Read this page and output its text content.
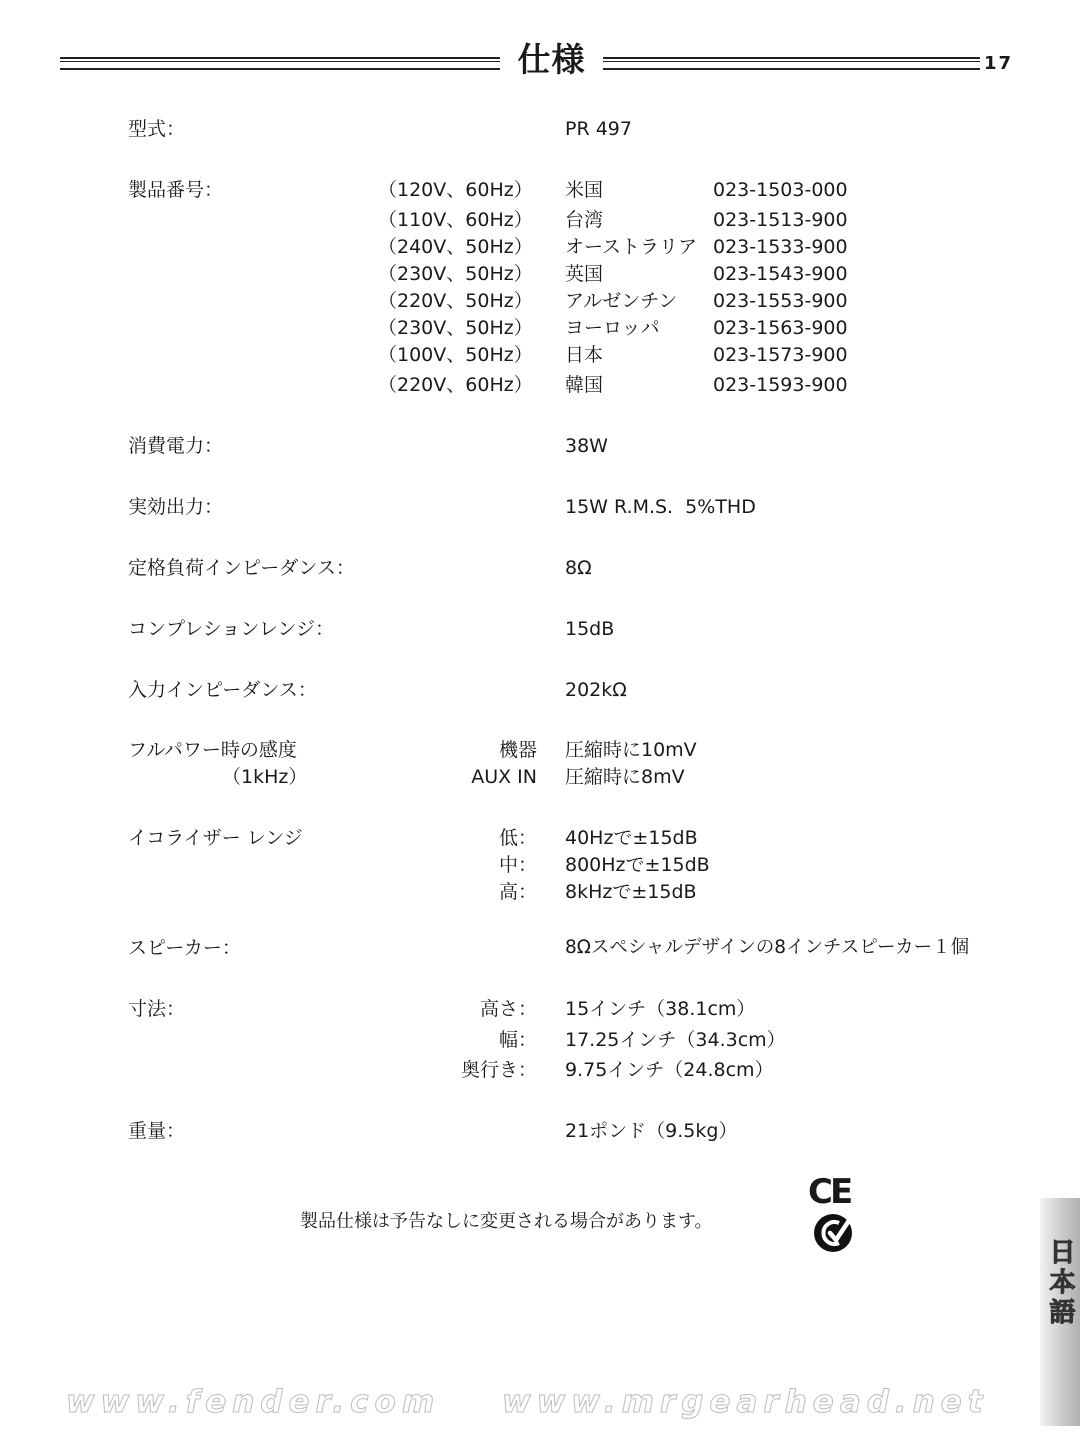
仕様	17
型式：	PR 497
製品番号：	（120V、60Hz） 米国	023-1503-000
（110V、60Hz） 台湾	023-1513-900
（240V、50Hz） オーストラリア 023-1533-900
（230V、50Hz） 英国	023-1543-900
（220V、50Hz） アルゼンチン 023-1553-900
（230V、50Hz） ヨーロッパ	023-1563-900
（100V、50Hz） 日本	023-1573-900
（220V、60Hz） 韓国	023-1593-900
消費電力：	38W
実効出力：	15W R.M.S.  5%THD
定格負荷インピーダンス：	8Ω
コンプレションレンジ：	15dB
入力インピーダンス：	202kΩ
フルパワー時の感度
（1kHz）
機器 圧縮時に10mV
AUX IN 圧縮時に8mV
イコライザー レンジ	低： 40Hzで±15dB
中： 800Hzで±15dB
高： 8kHzで±15dB
スピーカー：	8Ωスペシャルデザインの8インチスピーカー１個
寸法：	高さ： 15インチ（38.1cm）
幅： 17.25インチ（34.3cm）
奥行き： 9.75インチ（24.8cm）
重量：	21ポンド（9.5kg）
製品仕様は予告なしに変更される場合があります。
CE
日本語
www.fender.com www.mrgearhead.net
